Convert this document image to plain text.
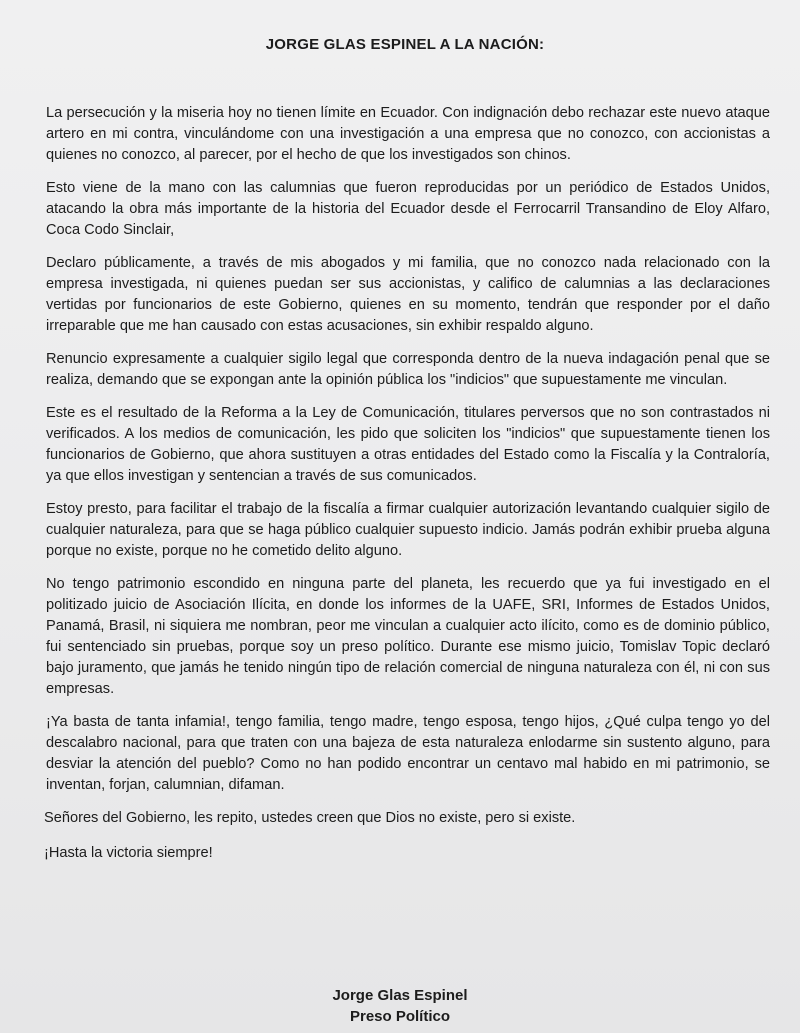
JORGE GLAS ESPINEL A LA NACIÓN:
La persecución y la miseria hoy no tienen límite en Ecuador. Con indignación debo rechazar este nuevo ataque artero en mi contra, vinculándome con una investigación a una empresa que no conozco, con accionistas a quienes no conozco, al parecer, por el hecho de que los investigados son chinos.
Esto viene de la mano con las calumnias que fueron reproducidas por un periódico de Estados Unidos, atacando la obra más importante de la historia del Ecuador desde el Ferrocarril Transandino de Eloy Alfaro, Coca Codo Sinclair,
Declaro públicamente, a través de mis abogados y mi familia, que no conozco nada relacionado con la empresa investigada, ni quienes puedan ser sus accionistas, y califico de calumnias a las declaraciones vertidas por funcionarios de este Gobierno, quienes en su momento, tendrán que responder por el daño irreparable que me han causado con estas acusaciones, sin exhibir respaldo alguno.
Renuncio expresamente a cualquier sigilo legal que corresponda dentro de la nueva indagación penal que se realiza, demando que se expongan ante la opinión pública los "indicios" que supuestamente me vinculan.
Este es el resultado de la Reforma a la Ley de Comunicación, titulares perversos que no son contrastados ni verificados. A los medios de comunicación, les pido que soliciten los "indicios" que supuestamente tienen los funcionarios de Gobierno, que ahora sustituyen a otras entidades del Estado como la Fiscalía y la Contraloría, ya que ellos investigan y sentencian a través de sus comunicados.
Estoy presto, para facilitar el trabajo de la fiscalía a firmar cualquier autorización levantando cualquier sigilo de cualquier naturaleza, para que se haga público cualquier supuesto indicio. Jamás podrán exhibir prueba alguna porque no existe, porque no he cometido delito alguno.
No tengo patrimonio escondido en ninguna parte del planeta, les recuerdo que ya fui investigado en el politizado juicio de Asociación Ilícita, en donde los informes de la UAFE, SRI, Informes de Estados Unidos, Panamá, Brasil, ni siquiera me nombran, peor me vinculan a cualquier acto ilícito, como es de dominio público, fui sentenciado sin pruebas, porque soy un preso político. Durante ese mismo juicio, Tomislav Topic declaró bajo juramento, que jamás he tenido ningún tipo de relación comercial de ninguna naturaleza con él, ni con sus empresas.
¡Ya basta de tanta infamia!, tengo familia, tengo madre, tengo esposa, tengo hijos, ¿Qué culpa tengo yo del descalabro nacional, para que traten con una bajeza de esta naturaleza enlodarme sin sustento alguno, para desviar la atención del pueblo? Como no han podido encontrar un centavo mal habido en mi patrimonio, se inventan, forjan, calumnian, difaman.
Señores del Gobierno, les repito, ustedes creen que Dios no existe, pero si existe.
¡Hasta la victoria siempre!
Jorge Glas Espinel
Preso Político
